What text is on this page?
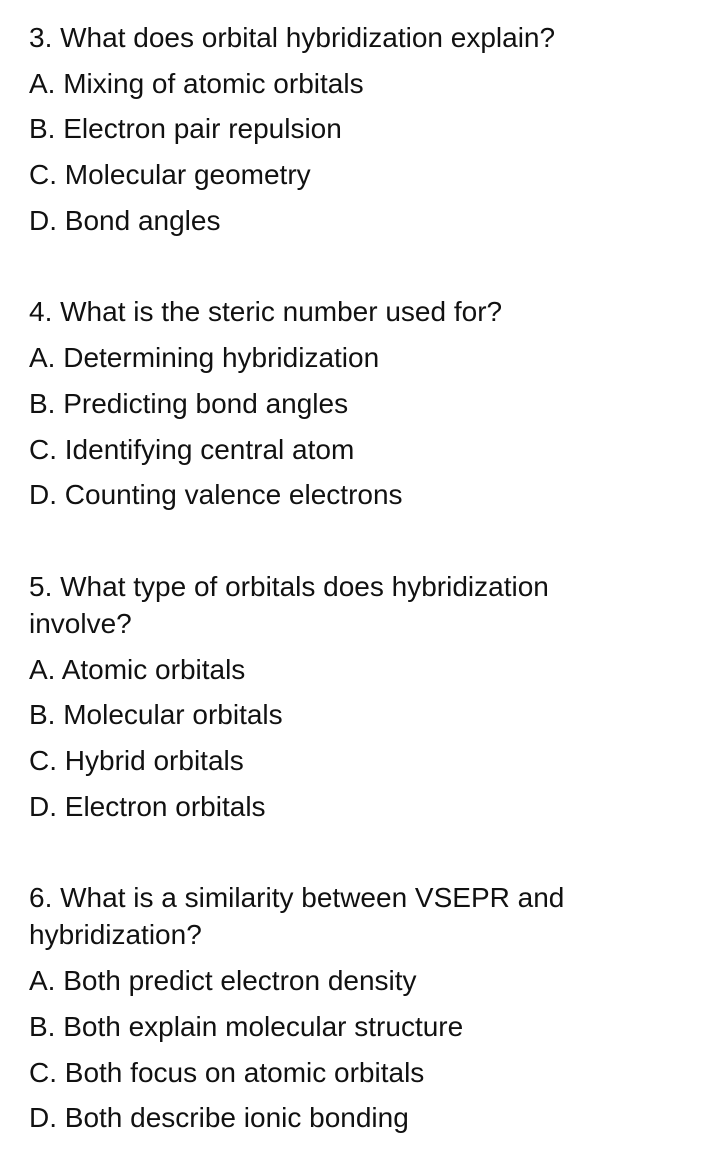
3. What does orbital hybridization explain?
A. Mixing of atomic orbitals
B. Electron pair repulsion
C. Molecular geometry
D. Bond angles
4. What is the steric number used for?
A. Determining hybridization
B. Predicting bond angles
C. Identifying central atom
D. Counting valence electrons
5. What type of orbitals does hybridization
involve?
A. Atomic orbitals
B. Molecular orbitals
C. Hybrid orbitals
D. Electron orbitals
6. What is a similarity between VSEPR and
hybridization?
A. Both predict electron density
B. Both explain molecular structure
C. Both focus on atomic orbitals
D. Both describe ionic bonding
